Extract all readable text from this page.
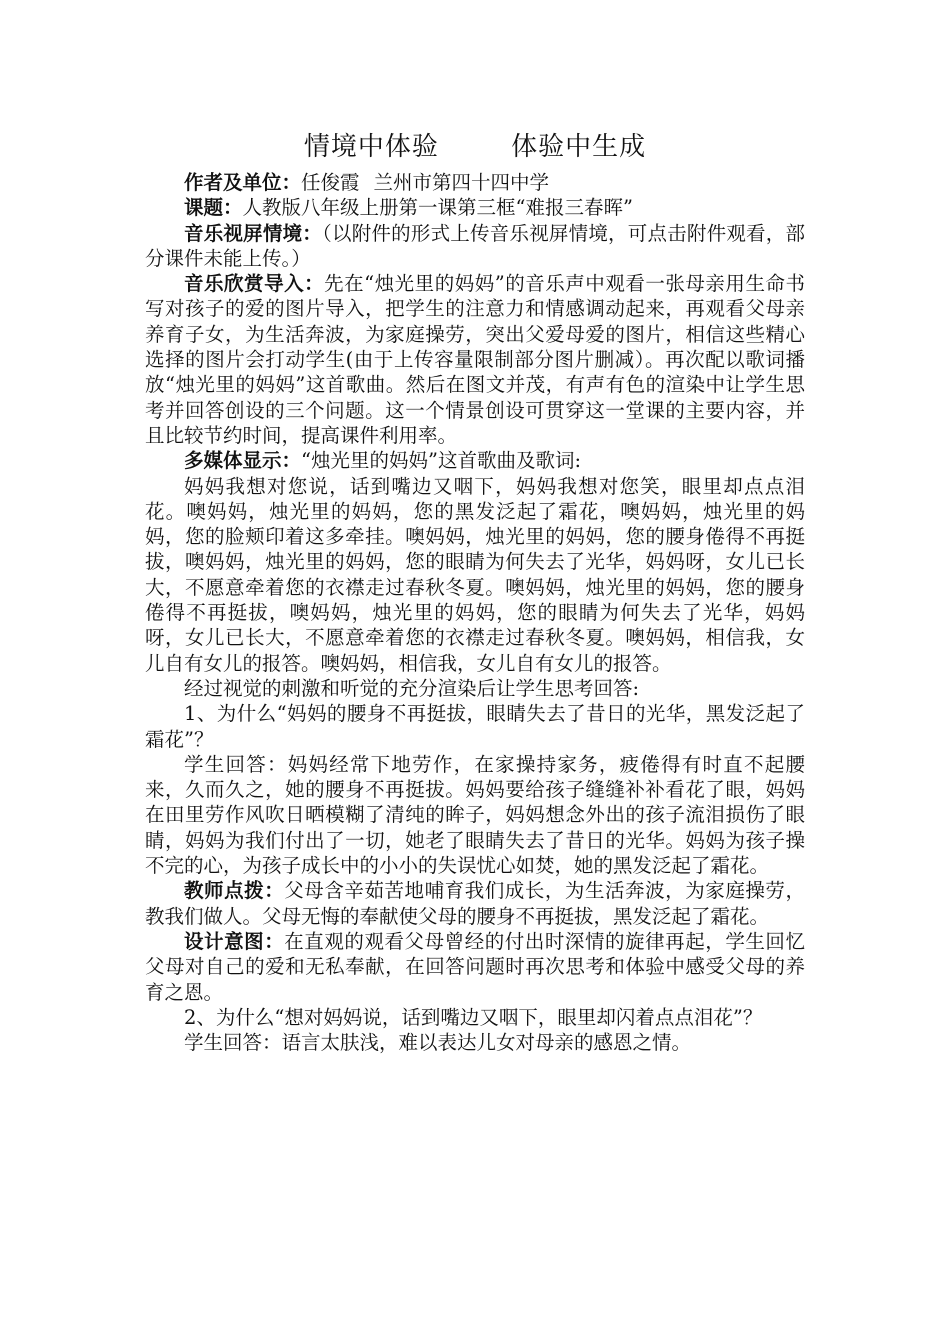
情境中体验　 体验中生成

作者及单位：任俊霞 兰州市第四十四中学

课题：人教版八年级上册第一课第三框“难报三春晖”

音乐视屏情境：（以附件的形式上传音乐视屏情境，可点击附件观看，部分课件未能上传。）

音乐欣赏导入：先在“烛光里的妈妈”的音乐声中观看一张母亲用生命书写对孩子的爱的图片导入，把学生的注意力和情感调动起来，再观看父母亲养育子女，为生活奔波，为家庭操劳，突出父爱母爱的图片，相信这些精心选择的图片会打动学生(由于上传容量限制部分图片删减）。再次配以歌词播放“烛光里的妈妈”这首歌曲。然后在图文并茂，有声有色的渲染中让学生思考并回答创设的三个问题。这一个情景创设可贯穿这一堂课的主要内容，并且比较节约时间，提高课件利用率。

多媒体显示：“烛光里的妈妈”这首歌曲及歌词:

妈妈我想对您说，话到嘴边又咽下，妈妈我想对您笑，眼里却点点泪花。噢妈妈，烛光里的妈妈，您的黑发泛起了霜花，噢妈妈，烛光里的妈妈，您的脸颊印着这多牵挂。噢妈妈，烛光里的妈妈，您的腰身倦得不再挺拔，噢妈妈，烛光里的妈妈，您的眼睛为何失去了光华，妈妈呀，女儿已长大，不愿意牵着您的衣襟走过春秋冬夏。噢妈妈，烛光里的妈妈，您的腰身倦得不再挺拔，噢妈妈，烛光里的妈妈，您的眼睛为何失去了光华，妈妈呀，女儿已长大，不愿意牵着您的衣襟走过春秋冬夏。噢妈妈，相信我，女儿自有女儿的报答。噢妈妈，相信我，女儿自有女儿的报答。

经过视觉的刺激和听觉的充分渲染后让学生思考回答:

1、为什么“妈妈的腰身不再挺拔，眼睛失去了昔日的光华，黑发泛起了霜花”？

学生回答：妈妈经常下地劳作，在家操持家务，疲倦得有时直不起腰来，久而久之，她的腰身不再挺拔。妈妈要给孩子缝缝补补看花了眼，妈妈在田里劳作风吹日晒模糊了清纯的眸子，妈妈想念外出的孩子流泪损伤了眼睛，妈妈为我们付出了一切，她老了眼睛失去了昔日的光华。妈妈为孩子操不完的心，为孩子成长中的小小的失误忧心如焚，她的黑发泛起了霜花。

教师点拨：父母含辛茹苦地哺育我们成长，为生活奔波，为家庭操劳，教我们做人。父母无悔的奉献使父母的腰身不再挺拔，黑发泛起了霜花。

设计意图：在直观的观看父母曾经的付出时深情的旋律再起，学生回忆父母对自己的爱和无私奉献，在回答问题时再次思考和体验中感受父母的养育之恩。

2、为什么“想对妈妈说，话到嘴边又咽下，眼里却闪着点点泪花”？

学生回答：语言太肤浅，难以表达儿女对母亲的感恩之情。
